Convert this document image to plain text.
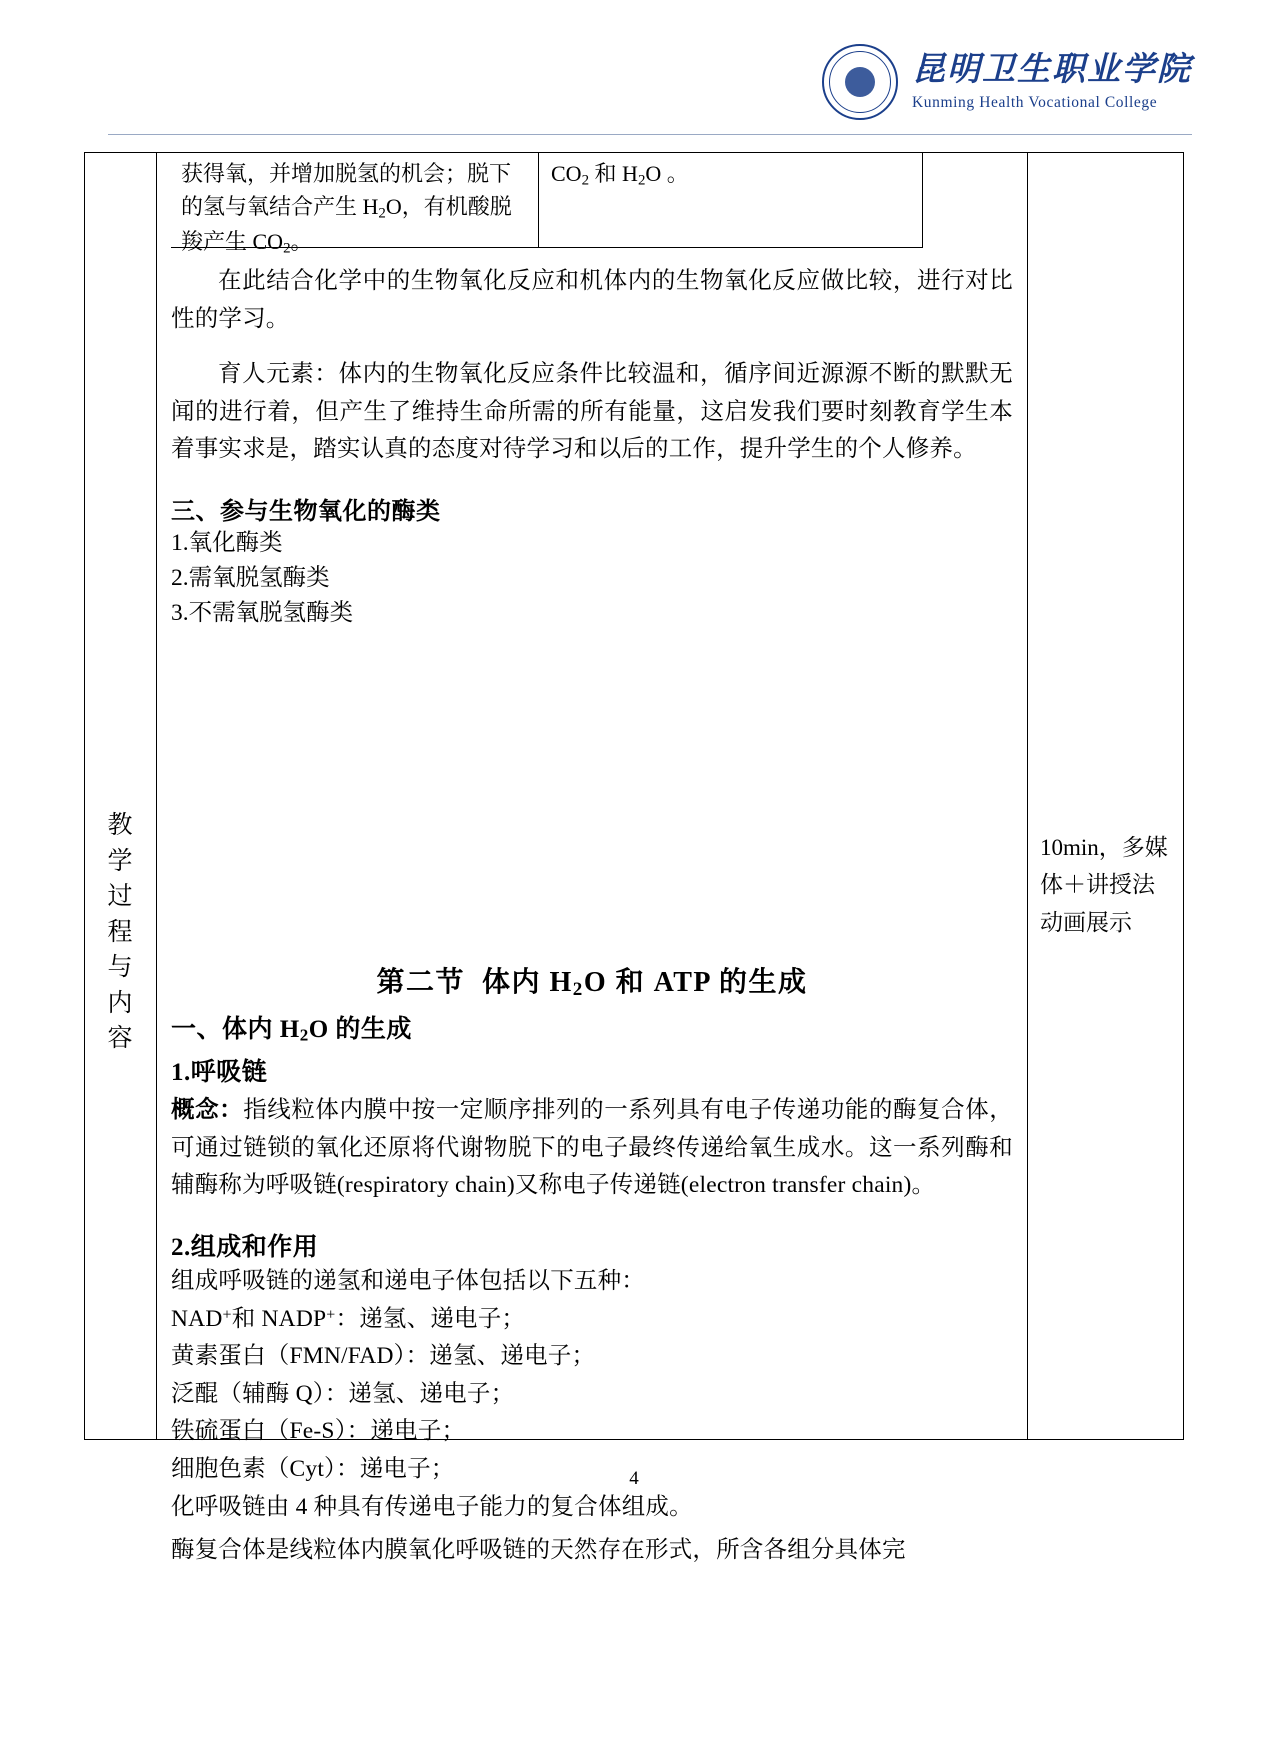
昆明卫生职业学院
Kunming Health Vocational College
教
学
过
程
与
内
容
获得氧，并增加脱氢的机会；脱下的氢与氧结合产生 $H_2O$，有机酸脱羧产生 $CO_2$。
$CO_2$ 和 $H_2O$ 。
在此结合化学中的生物氧化反应和机体内的生物氧化反应做比较，进行对比性的学习。
育人元素：体内的生物氧化反应条件比较温和，循序间近源源不断的默默无闻的进行着，但产生了维持生命所需的所有能量，这启发我们要时刻教育学生本着事实求是，踏实认真的态度对待学习和以后的工作，提升学生的个人修养。
三、参与生物氧化的酶类
1.氧化酶类
2.需氧脱氢酶类
3.不需氧脱氢酶类
第二节  体内 $H_2O$ 和 ATP 的生成
一、体内 $H_2O$ 的生成
1.呼吸链
概念：指线粒体内膜中按一定顺序排列的一系列具有电子传递功能的酶复合体，可通过链锁的氧化还原将代谢物脱下的电子最终传递给氧生成水。这一系列酶和辅酶称为呼吸链(respiratory chain)又称电子传递链(electron transfer chain)。
2.组成和作用
组成呼吸链的递氢和递电子体包括以下五种：
NAD+和 NADP+：递氢、递电子；
黄素蛋白（FMN/FAD）：递氢、递电子；
泛醌（辅酶 Q）：递氢、递电子；
铁硫蛋白（Fe-S）：递电子；
细胞色素（Cyt）：递电子；
化呼吸链由 4 种具有传递电子能力的复合体组成。
酶复合体是线粒体内膜氧化呼吸链的天然存在形式，所含各组分具体完
10min，多媒体＋讲授法动画展示
4
